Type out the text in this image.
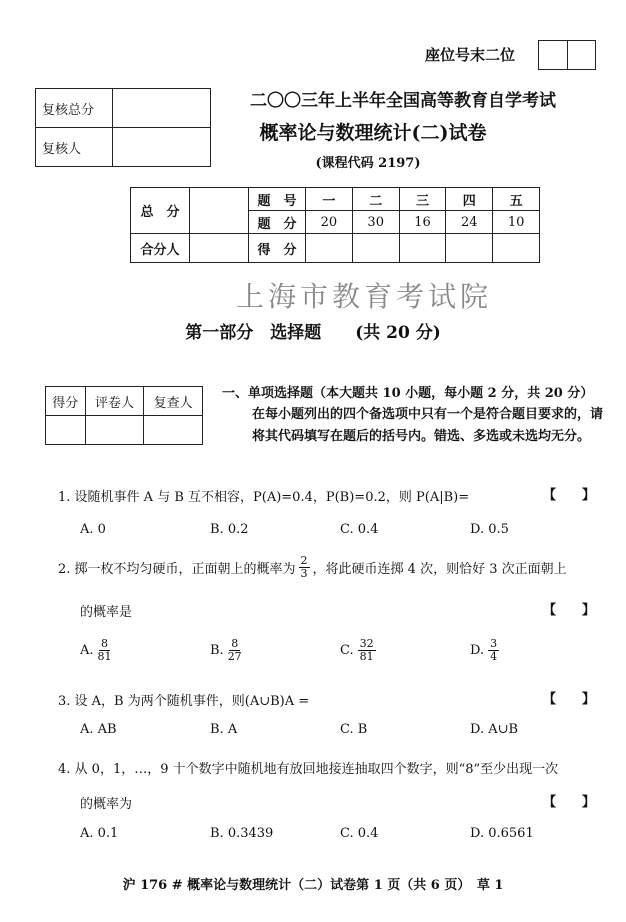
座位号末二位
复核总分	
复核人	
二〇〇三年上半年全国高等教育自学考试
概率论与数理统计(二)试卷
(课程代码 2197)
总　分		题　号	一	二	三	四	五
		题　分	20	30	16	24	10
合分人		得　分					
上海市教育考试院
第一部分　选择题　　(共 20 分)
得分	评卷人	复查人

一、单项选择题（本大题共 10 小题，每小题 2 分，共 20 分）
在每小题列出的四个备选项中只有一个是符合题目要求的，请将其代码填写在题后的括号内。错选、多选或未选均无分。
1. 设随机事件 A 与 B 互不相容，P(A)=0.4，P(B)=0.2，则 P(A|B)=	【　　】
A. 0	B. 0.2	C. 0.4	D. 0.5
2. 掷一枚不均匀硬币，正面朝上的概率为 $\frac{2}{3}$ ，将此硬币连掷 4 次，则恰好 3 次正面朝上
的概率是	【　　】
A. $\frac{8}{81}$	B. $\frac{8}{27}$	C. $\frac{32}{81}$	D. $\frac{3}{4}$
3. 设 A，B 为两个随机事件，则(A∪B)A =	【　　】
A. AB	B. A	C. B	D. A∪B
4. 从 0，1，…，9 十个数字中随机地有放回地接连抽取四个数字，则“8”至少出现一次
的概率为	【　　】
A. 0.1	B. 0.3439	C. 0.4	D. 0.6561
沪 176 # 概率论与数理统计（二）试卷第 1 页（共 6 页）　草 1
